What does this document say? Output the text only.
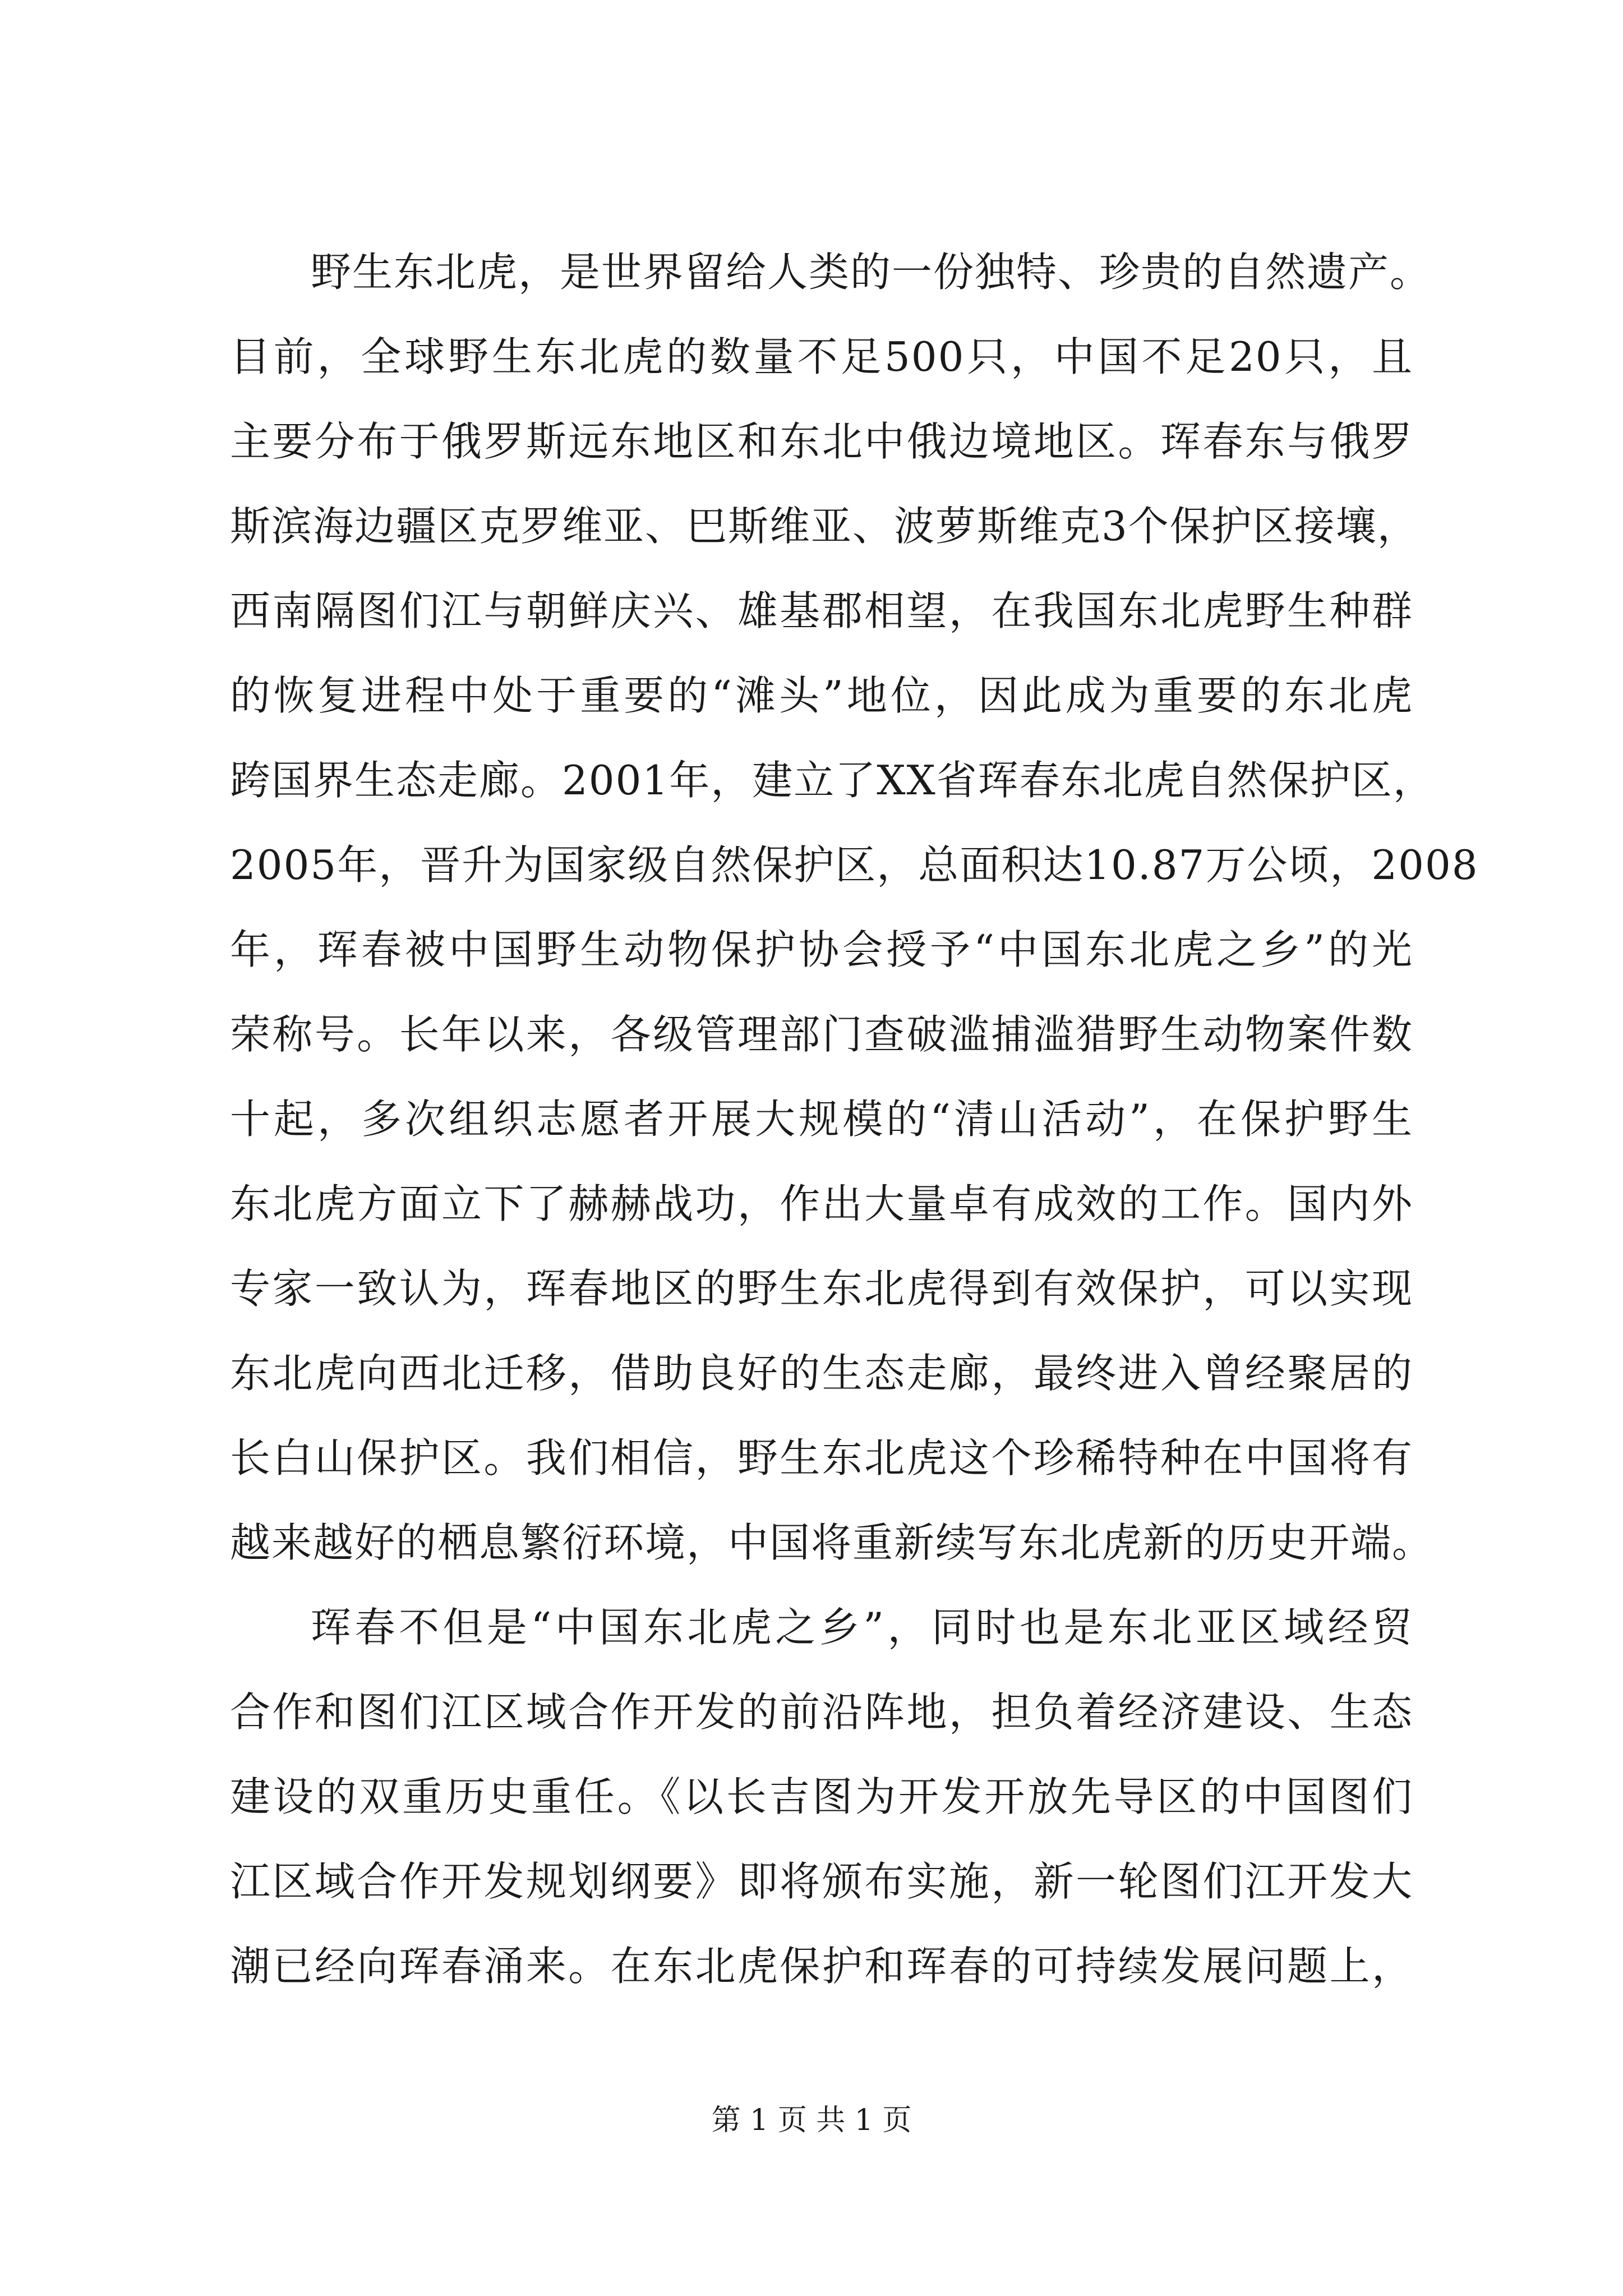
野生东北虎，是世界留给人类的一份独特、珍贵的自然遗产。
目前，全球野生东北虎的数量不足500只，中国不足20只，且
主要分布于俄罗斯远东地区和东北中俄边境地区。珲春东与俄罗
斯滨海边疆区克罗维亚、巴斯维亚、波萝斯维克3个保护区接壤，
西南隔图们江与朝鲜庆兴、雄基郡相望，在我国东北虎野生种群
的恢复进程中处于重要的“滩头”地位，因此成为重要的东北虎
跨国界生态走廊。2001年，建立了XX省珲春东北虎自然保护区，
2005年，晋升为国家级自然保护区，总面积达10.87万公顷，2008
年，珲春被中国野生动物保护协会授予“中国东北虎之乡”的光
荣称号。长年以来，各级管理部门查破滥捕滥猎野生动物案件数
十起，多次组织志愿者开展大规模的“清山活动”，在保护野生
东北虎方面立下了赫赫战功，作出大量卓有成效的工作。国内外
专家一致认为，珲春地区的野生东北虎得到有效保护，可以实现
东北虎向西北迁移，借助良好的生态走廊，最终进入曾经聚居的
长白山保护区。我们相信，野生东北虎这个珍稀特种在中国将有
越来越好的栖息繁衍环境，中国将重新续写东北虎新的历史开端。
珲春不但是“中国东北虎之乡”，同时也是东北亚区域经贸
合作和图们江区域合作开发的前沿阵地，担负着经济建设、生态
建设的双重历史重任。《以长吉图为开发开放先导区的中国图们
江区域合作开发规划纲要》即将颁布实施，新一轮图们江开发大
潮已经向珲春涌来。在东北虎保护和珲春的可持续发展问题上，
第 1 页 共 1 页
